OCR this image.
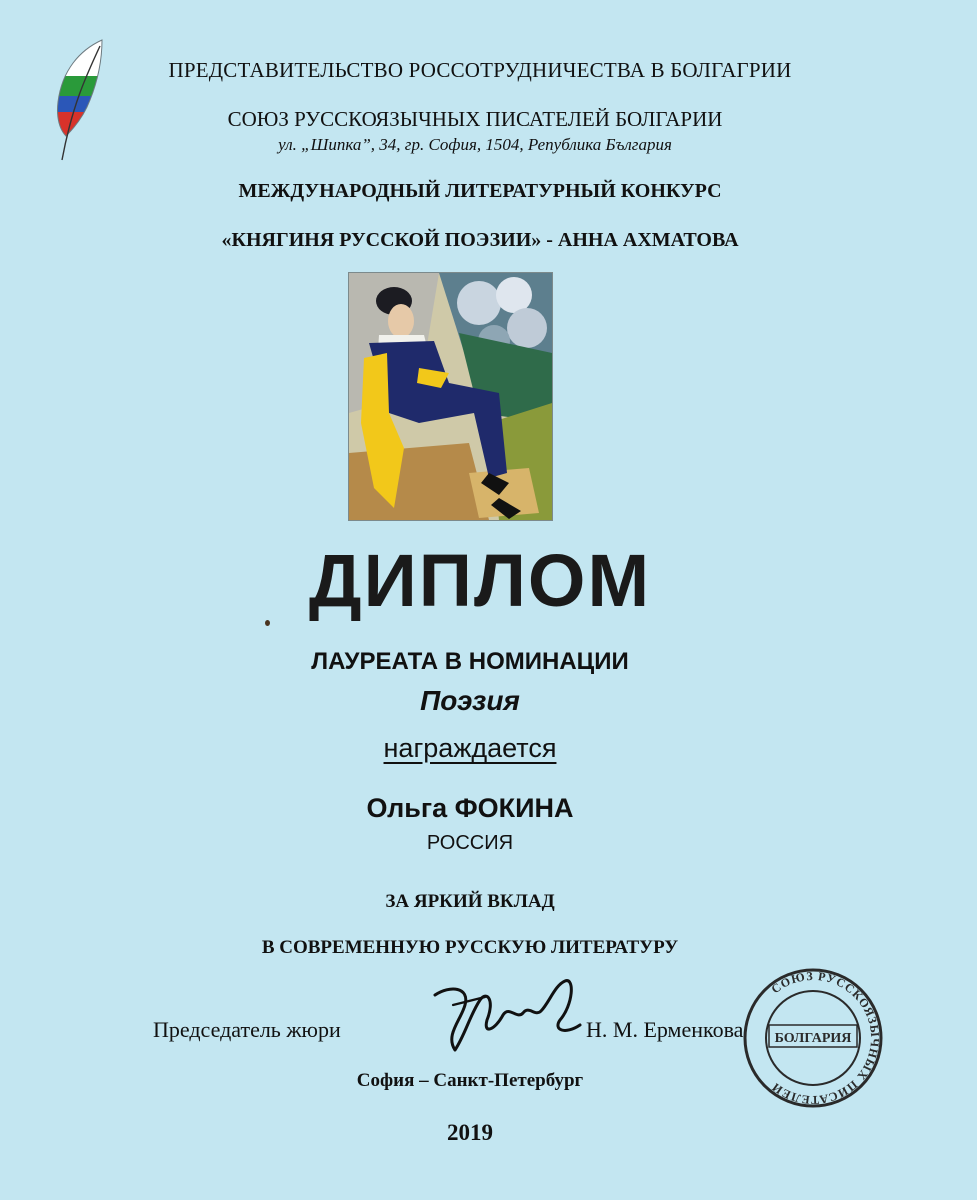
ПРЕДСТАВИТЕЛЬСТВО РОССОТРУДНИЧЕСТВА В БОЛГАГРИИ
СОЮЗ РУССКОЯЗЫЧНЫХ ПИСАТЕЛЕЙ БОЛГАРИИ
ул. „Шипка”, 34, гр. София, 1504, Република България
МЕЖДУНАРОДНЫЙ ЛИТЕРАТУРНЫЙ КОНКУРС
«КНЯГИНЯ РУССКОЙ ПОЭЗИИ» - АННА АХМАТОВА
ДИПЛОМ
ЛАУРЕАТА В НОМИНАЦИИ
Поэзия
награждается
Ольга ФОКИНА
РОССИЯ
ЗА ЯРКИЙ ВКЛАД
В СОВРЕМЕННУЮ РУССКУЮ ЛИТЕРАТУРУ
Председатель жюри	Н. М. Ерменкова
СОЮЗ РУССКОЯЗЫЧНЫХ ПИСАТЕЛЕЙ
БОЛГАРИЯ
София – Санкт-Петербург
2019
